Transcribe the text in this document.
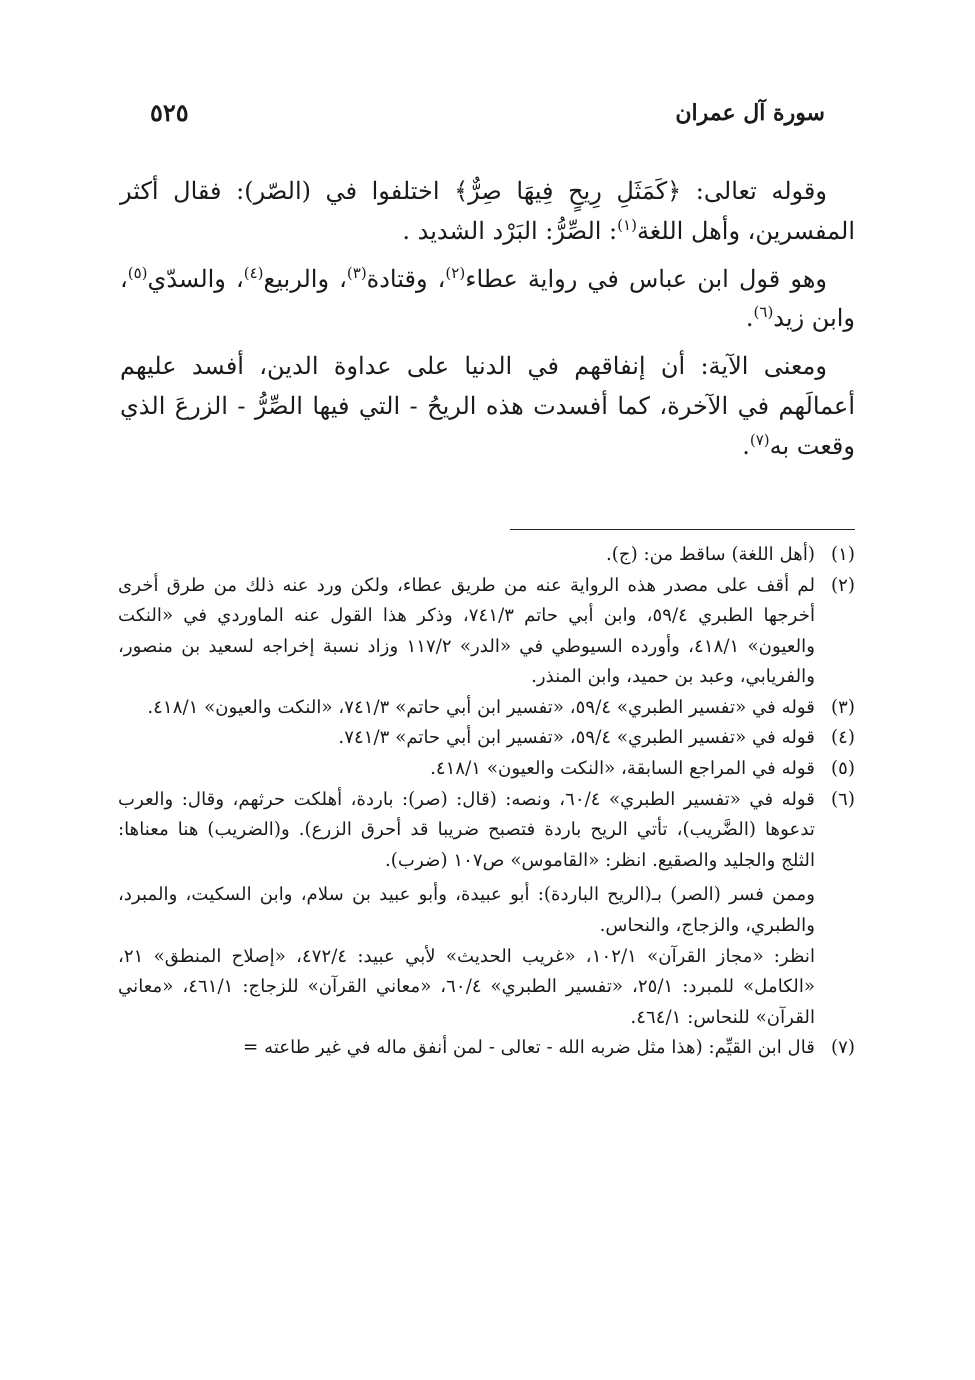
سورة آل عمران
٥٢٥

وقوله تعالى: ﴿كَمَثَلِ رِيحٍ فِيهَا صِرٌّ﴾ اختلفوا في (الصّر): فقال أكثر المفسرين، وأهل اللغة$^{(١)}$: الصِّرُّ: البَرْد الشديد .

وهو قول ابن عباس في رواية عطاء$^{(٢)}$، وقتادة$^{(٣)}$، والربيع$^{(٤)}$، والسدّي$^{(٥)}$، وابن زيد$^{(٦)}$.

ومعنى الآية: أن إنفاقهم في الدنيا على عداوة الدين، أفسد عليهم أعمالَهم في الآخرة، كما أفسدت هذه الريحُ - التي فيها الصِّرُّ - الزرعَ الذي وقعت به$^{(٧)}$.

(١)
(أهل اللغة) ساقط من: (ج).
(٢)
لم أقف على مصدر هذه الرواية عنه من طريق عطاء، ولكن ورد عنه ذلك من طرق أخرى أخرجها الطبري ٥٩/٤، وابن أبي حاتم ٧٤١/٣، وذكر هذا القول عنه الماوردي في «النكت والعيون» ٤١٨/١، وأورده السيوطي في «الدر» ١١٧/٢ وزاد نسبة إخراجه لسعيد بن منصور، والفريابي، وعبد بن حميد، وابن المنذر.
(٣)
قوله في «تفسير الطبري» ٥٩/٤، «تفسير ابن أبي حاتم» ٧٤١/٣، «النكت والعيون» ٤١٨/١.
(٤)
قوله في «تفسير الطبري» ٥٩/٤، «تفسير ابن أبي حاتم» ٧٤١/٣.
(٥)
قوله في المراجع السابقة، «النكت والعيون» ٤١٨/١.
(٦)
قوله في «تفسير الطبري» ٦٠/٤، ونصه: (قال: (صر): باردة، أهلكت حرثهم، وقال: والعرب تدعوها (الضَّريب)، تأتي الريح باردة فتصبح ضريبا قد أحرق الزرع). و(الضريب) هنا معناها: الثلج والجليد والصقيع. انظر: «القاموس» ص١٠٧ (ضرب).
وممن فسر (الصر) بـ(الريح الباردة): أبو عبيدة، وأبو عبيد بن سلام، وابن السكيت، والمبرد، والطبري، والزجاج، والنحاس.
انظر: «مجاز القرآن» ١٠٢/١، «غريب الحديث» لأبي عبيد: ٤٧٢/٤، «إصلاح المنطق» ٢١، «الكامل» للمبرد: ٢٥/١، «تفسير الطبري» ٦٠/٤، «معاني القرآن» للزجاج: ٤٦١/١، «معاني القرآن» للنحاس: ٤٦٤/١.
(٧)
قال ابن القيِّم: (هذا مثل ضربه الله - تعالى - لمن أنفق ماله في غير طاعته =
